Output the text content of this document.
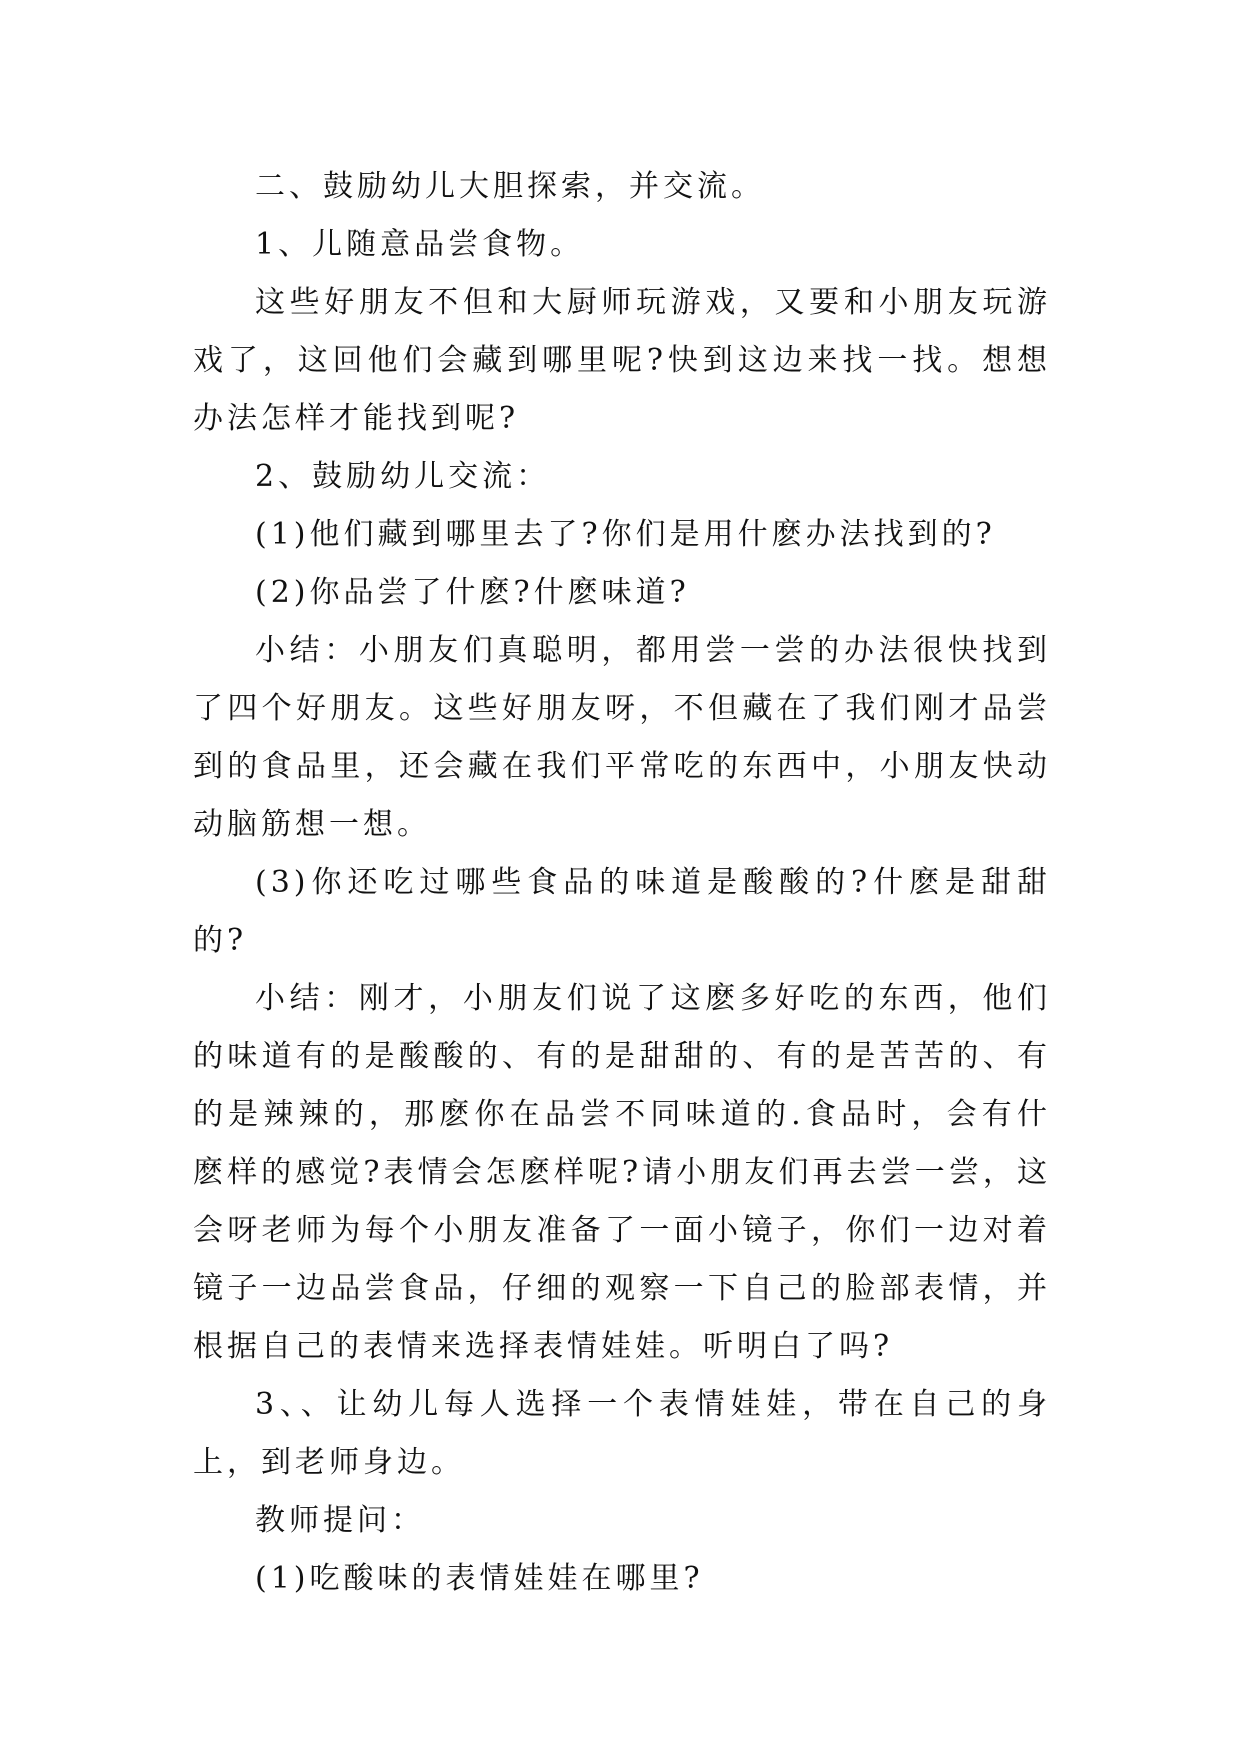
二、鼓励幼儿大胆探索，并交流。

1、儿随意品尝食物。

这些好朋友不但和大厨师玩游戏，又要和小朋友玩游戏了，这回他们会藏到哪里呢?快到这边来找一找。想想办法怎样才能找到呢?

2、鼓励幼儿交流：

(1)他们藏到哪里去了?你们是用什麽办法找到的?

(2)你品尝了什麽?什麽味道?

小结：小朋友们真聪明，都用尝一尝的办法很快找到了四个好朋友。这些好朋友呀，不但藏在了我们刚才品尝到的食品里，还会藏在我们平常吃的东西中，小朋友快动动脑筋想一想。

(3)你还吃过哪些食品的味道是酸酸的?什麽是甜甜的?

小结：刚才，小朋友们说了这麽多好吃的东西，他们的味道有的是酸酸的、有的是甜甜的、有的是苦苦的、有的是辣辣的，那麽你在品尝不同味道的.食品时，会有什麽样的感觉?表情会怎麽样呢?请小朋友们再去尝一尝，这会呀老师为每个小朋友准备了一面小镜子，你们一边对着镜子一边品尝食品，仔细的观察一下自己的脸部表情，并根据自己的表情来选择表情娃娃。听明白了吗?

3、、让幼儿每人选择一个表情娃娃，带在自己的身上，到老师身边。

教师提问：

(1)吃酸味的表情娃娃在哪里?
